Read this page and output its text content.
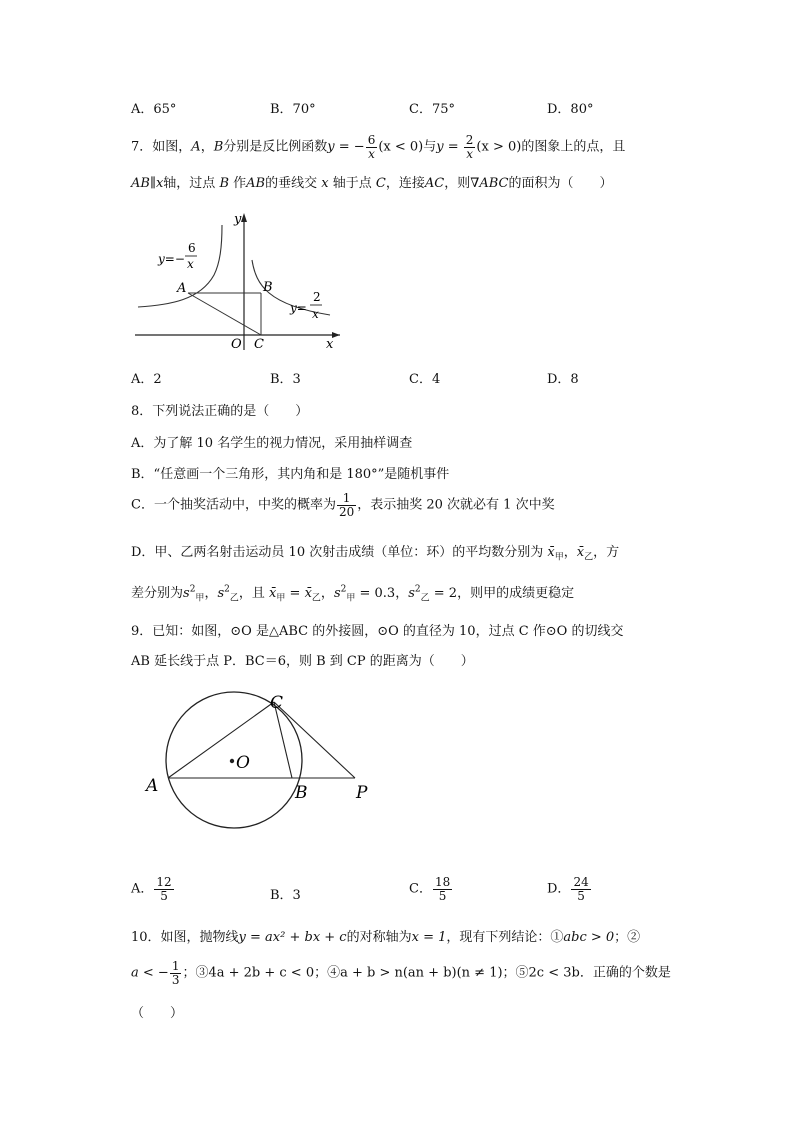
A．65°	B．70°	C．75°	D．80°
7．如图，A，B分别是反比例函数y = − $\frac{6}{x} (x < 0)$与$y = \frac{2}{x} (x > 0)$的图象上的点，且
AB∥x轴，过点 B 作AB的垂线交 x 轴于点 C，连接AC，则∇ABC的面积为（　　）
y
x
O C
A	B
y=−
6
x
y=
2
x
A．2	B．3	C．4	D．8
8．下列说法正确的是（　　）
A．为了解 10 名学生的视力情况，采用抽样调查
B．“任意画一个三角形，其内角和是 180°”是随机事件
C．一个抽奖活动中，中奖的概率为 $\frac{1}{20}$ ，表示抽奖 20 次就必有 1 次中奖
D．甲、乙两名射击运动员 10 次射击成绩（单位：环）的平均数分别为 $x̄_甲$，$x̄_乙$，方
差分别为$s^2_甲$，$s^2_乙$，且 $x̄_甲$ = $x̄_乙$，$s^2_甲 = 0.3$，$s^2_乙 = 2$，则甲的成绩更稳定
9．已知：如图，⊙O 是△ABC 的外接圆，⊙O 的直径为 10，过点 C 作⊙O 的切线交
AB 延长线于点 P．BC＝6，则 B 到 CP 的距离为（　　）
O
A	B
C
P
A． $\frac{12}{5}$	B．3	C． $\frac{18}{5}$	D． $\frac{24}{5}$
10．如图，抛物线y = ax² + bx + c的对称轴为x = 1，现有下列结论：①abc > 0；②
a < − $\frac{1}{3}$ ；③4a + 2b + c < 0；④a + b > n(an + b)(n ≠ 1)；⑤2c < 3b．正确的个数是
（　　）
